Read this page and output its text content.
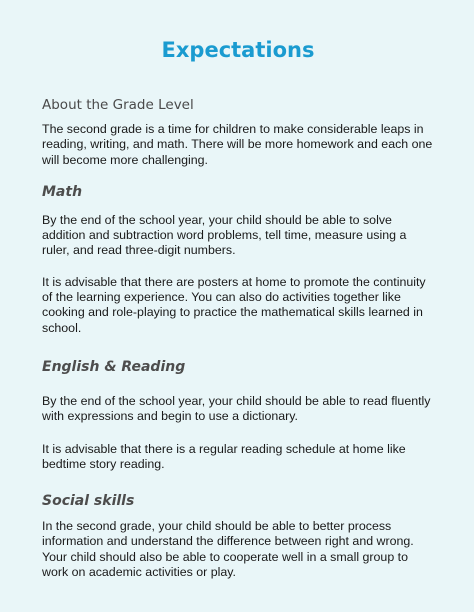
Expectations
About the Grade Level

The second grade is a time for children to make considerable leaps in reading, writing, and math. There will be more homework and each one will become more challenging.

Math

By the end of the school year, your child should be able to solve addition and subtraction word problems, tell time, measure using a ruler, and read three-digit numbers.

It is advisable that there are posters at home to promote the continuity of the learning experience. You can also do activities together like cooking and role-playing to practice the mathematical skills learned in school.

English & Reading

By the end of the school year, your child should be able to read fluently with expressions and begin to use a dictionary.

It is advisable that there is a regular reading schedule at home like bedtime story reading.

Social skills

In the second grade, your child should be able to better process information and understand the difference between right and wrong. Your child should also be able to cooperate well in a small group to work on academic activities or play.
